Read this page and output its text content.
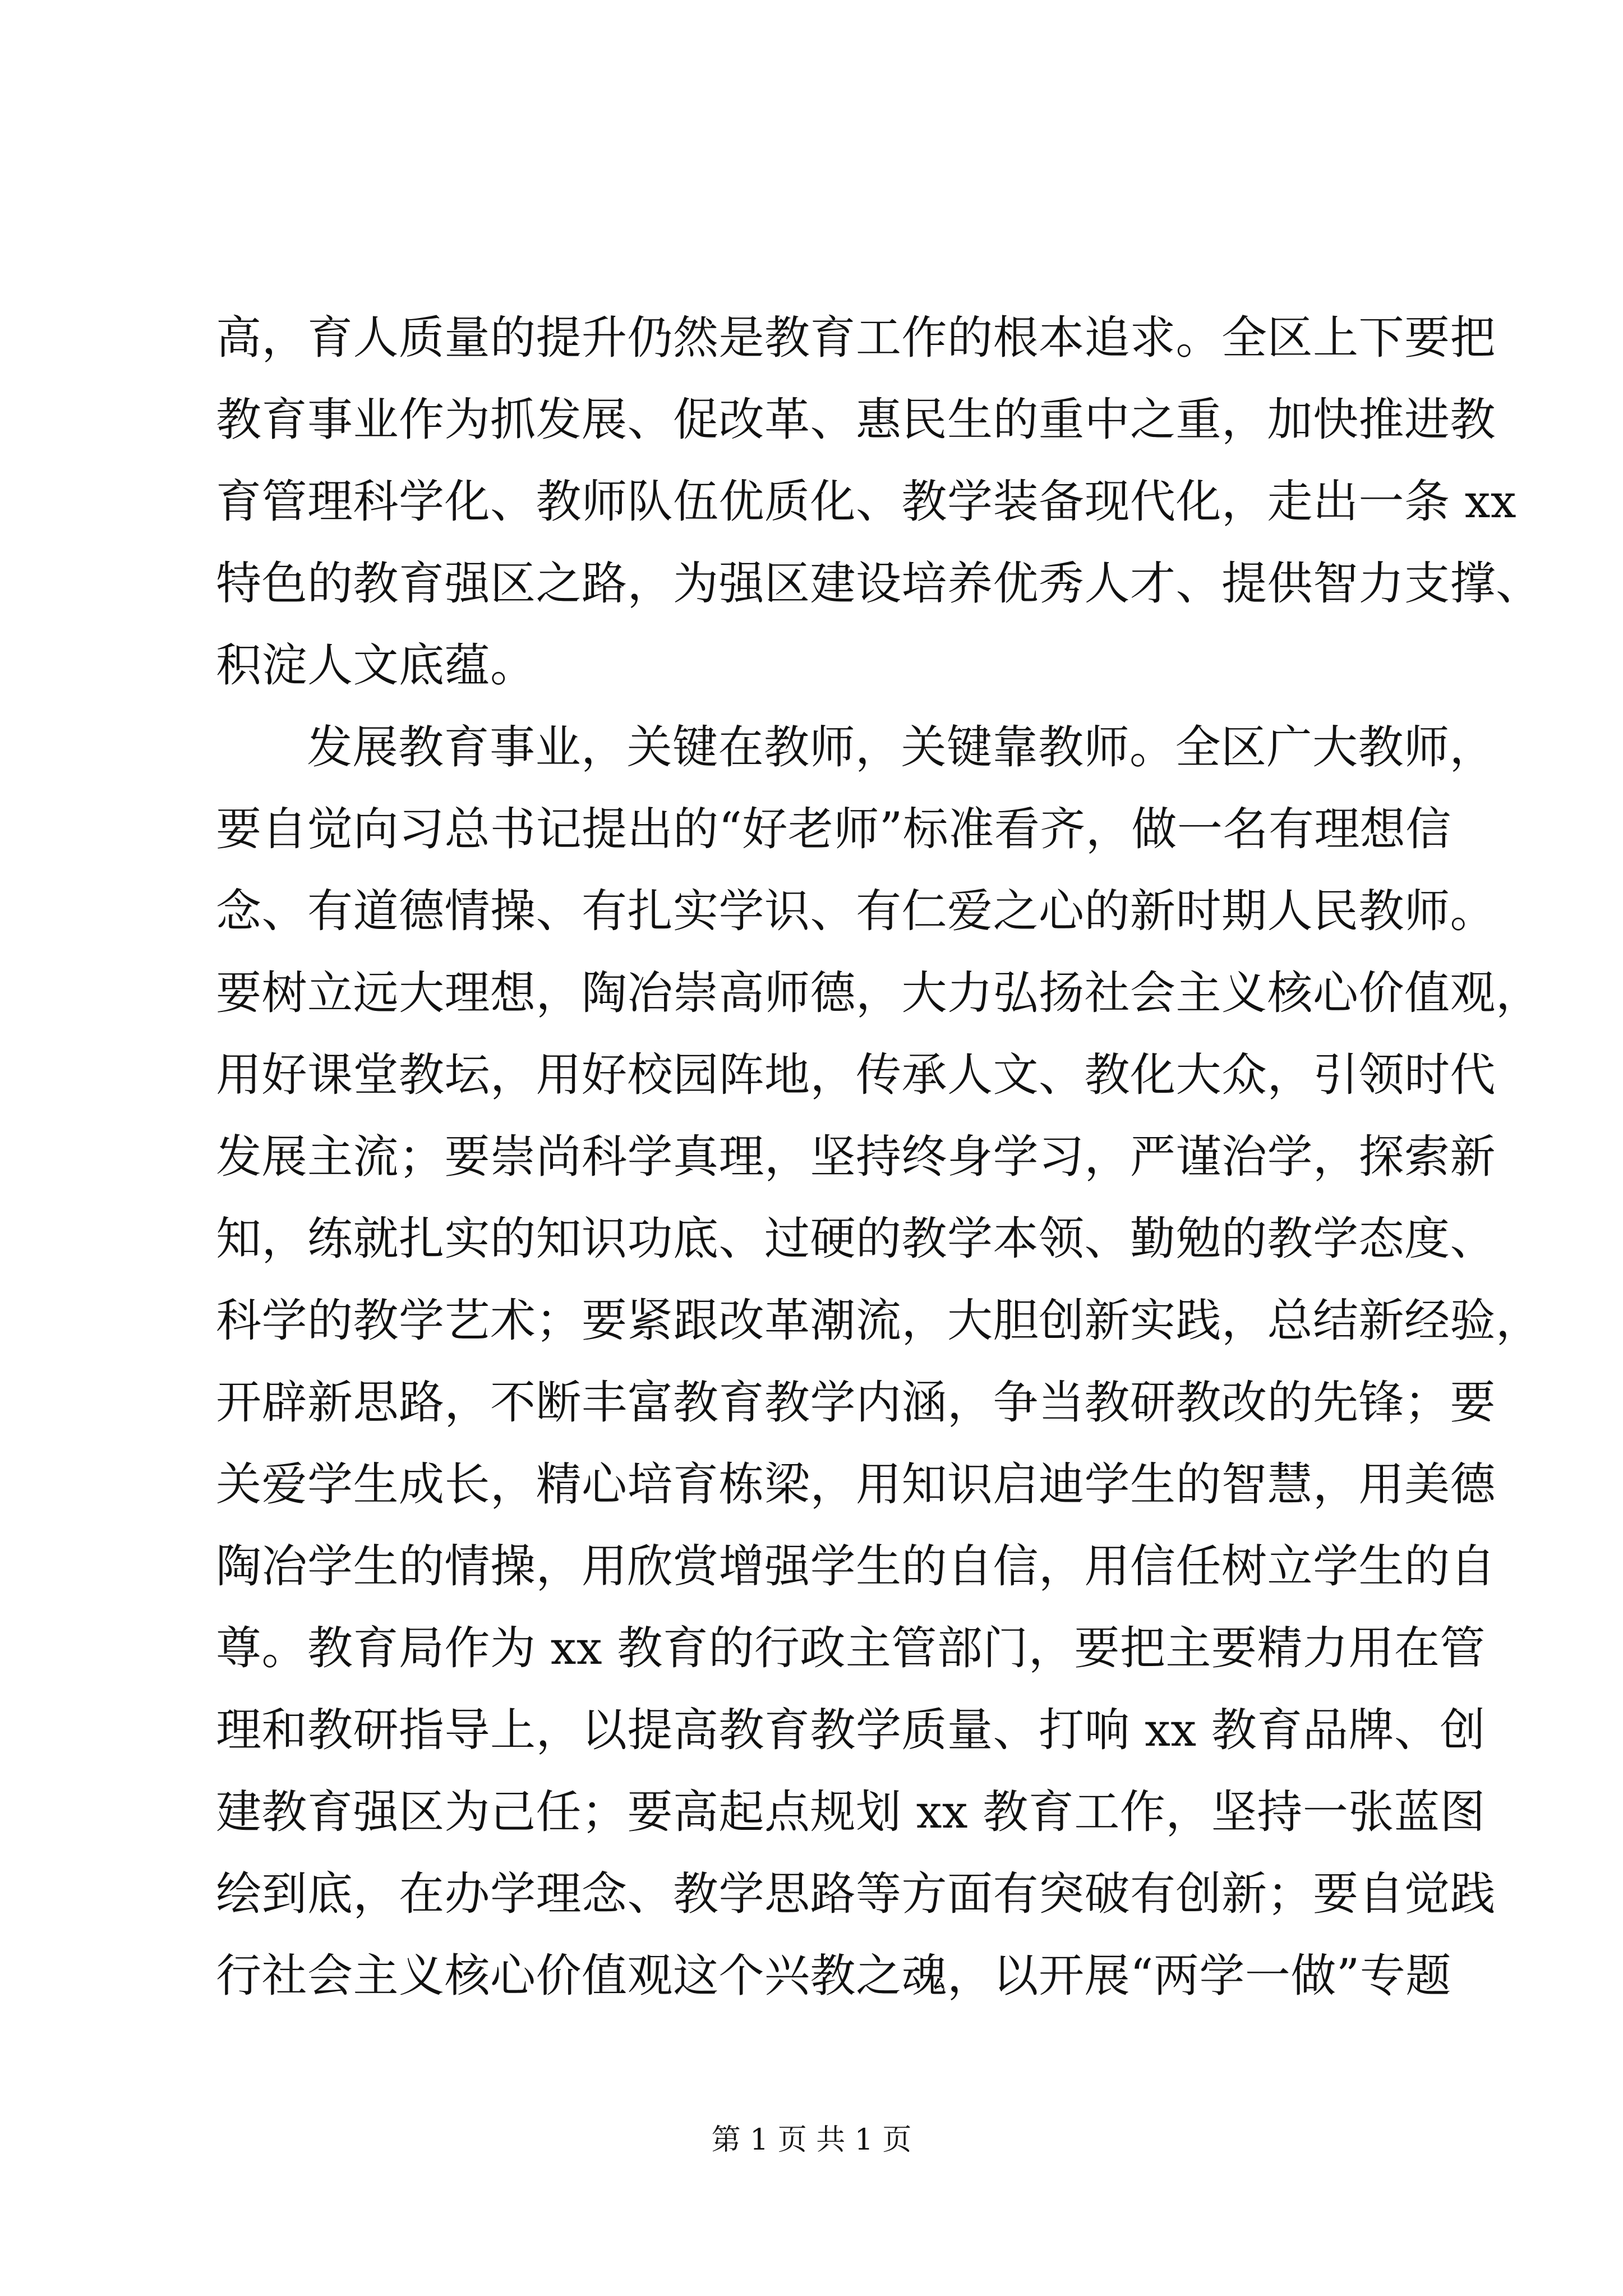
高，育人质量的提升仍然是教育工作的根本追求。全区上下要把
教育事业作为抓发展、促改革、惠民生的重中之重，加快推进教
育管理科学化、教师队伍优质化、教学装备现代化，走出一条 xx
特色的教育强区之路，为强区建设培养优秀人才、提供智力支撑、
积淀人文底蕴。
发展教育事业，关键在教师，关键靠教师。全区广大教师，
要自觉向习总书记提出的“好老师”标准看齐，做一名有理想信
念、有道德情操、有扎实学识、有仁爱之心的新时期人民教师。
要树立远大理想，陶冶崇高师德，大力弘扬社会主义核心价值观，
用好课堂教坛，用好校园阵地，传承人文、教化大众，引领时代
发展主流；要崇尚科学真理，坚持终身学习，严谨治学，探索新
知，练就扎实的知识功底、过硬的教学本领、勤勉的教学态度、
科学的教学艺术；要紧跟改革潮流，大胆创新实践，总结新经验，
开辟新思路，不断丰富教育教学内涵，争当教研教改的先锋；要
关爱学生成长，精心培育栋梁，用知识启迪学生的智慧，用美德
陶冶学生的情操，用欣赏增强学生的自信，用信任树立学生的自
尊。教育局作为 xx 教育的行政主管部门，要把主要精力用在管
理和教研指导上，以提高教育教学质量、打响 xx 教育品牌、创
建教育强区为己任；要高起点规划 xx 教育工作，坚持一张蓝图
绘到底，在办学理念、教学思路等方面有突破有创新；要自觉践
行社会主义核心价值观这个兴教之魂，以开展“两学一做”专题
第 1 页 共 1 页
